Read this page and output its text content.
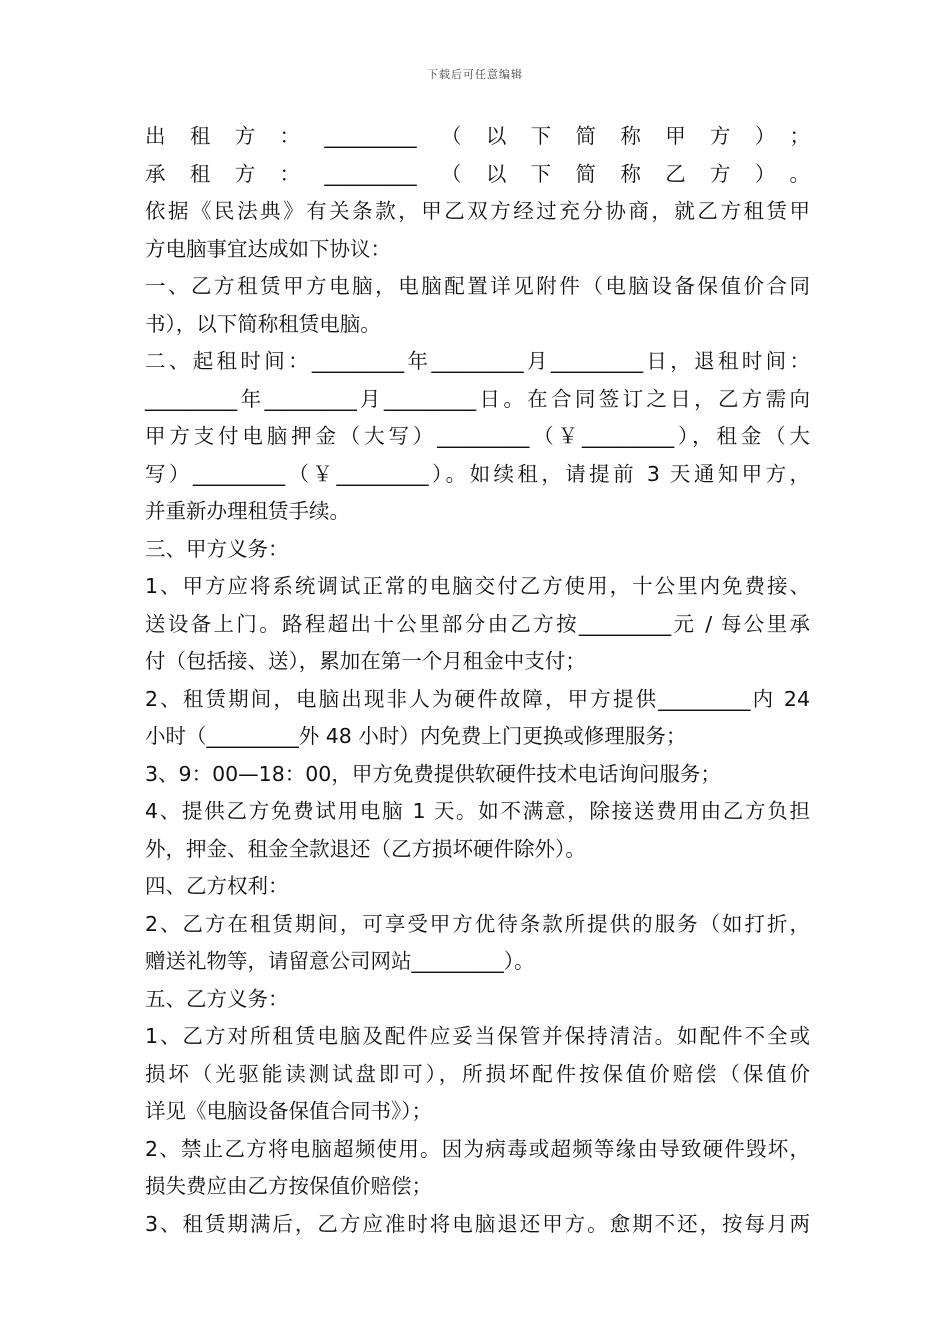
下载后可任意编辑
出租方：_________（以下简称甲方）；
承租方：_________（以下简称乙方）。
依据《民法典》有关条款，甲乙双方经过充分协商，就乙方租赁甲
方电脑事宜达成如下协议：
一、乙方租赁甲方电脑，电脑配置详见附件（电脑设备保值价合同
书），以下简称租赁电脑。
二、起租时间：_________年_________月_________日，退租时间：
_________年_________月_________日。在合同签订之日，乙方需向
甲方支付电脑押金（大写）_________（￥_________），租金（大
写）_________（￥_________）。如续租，请提前 3 天通知甲方，
并重新办理租赁手续。
三、甲方义务：
1、甲方应将系统调试正常的电脑交付乙方使用，十公里内免费接、
送设备上门。路程超出十公里部分由乙方按_________元 / 每公里承
付（包括接、送），累加在第一个月租金中支付；
2、租赁期间，电脑出现非人为硬件故障，甲方提供_________内 24
小时（_________外 48 小时）内免费上门更换或修理服务；
3、9：00—18：00，甲方免费提供软硬件技术电话询问服务；
4、提供乙方免费试用电脑 1 天。如不满意，除接送费用由乙方负担
外，押金、租金全款退还（乙方损坏硬件除外）。
四、乙方权利：
2、乙方在租赁期间，可享受甲方优待条款所提供的服务（如打折，
赠送礼物等，请留意公司网站_________）。
五、乙方义务：
1、乙方对所租赁电脑及配件应妥当保管并保持清洁。如配件不全或
损坏（光驱能读测试盘即可），所损坏配件按保值价赔偿（保值价
详见《电脑设备保值合同书》）；
2、禁止乙方将电脑超频使用。因为病毒或超频等缘由导致硬件毁坏，
损失费应由乙方按保值价赔偿；
3、租赁期满后，乙方应准时将电脑退还甲方。愈期不还，按每月两
